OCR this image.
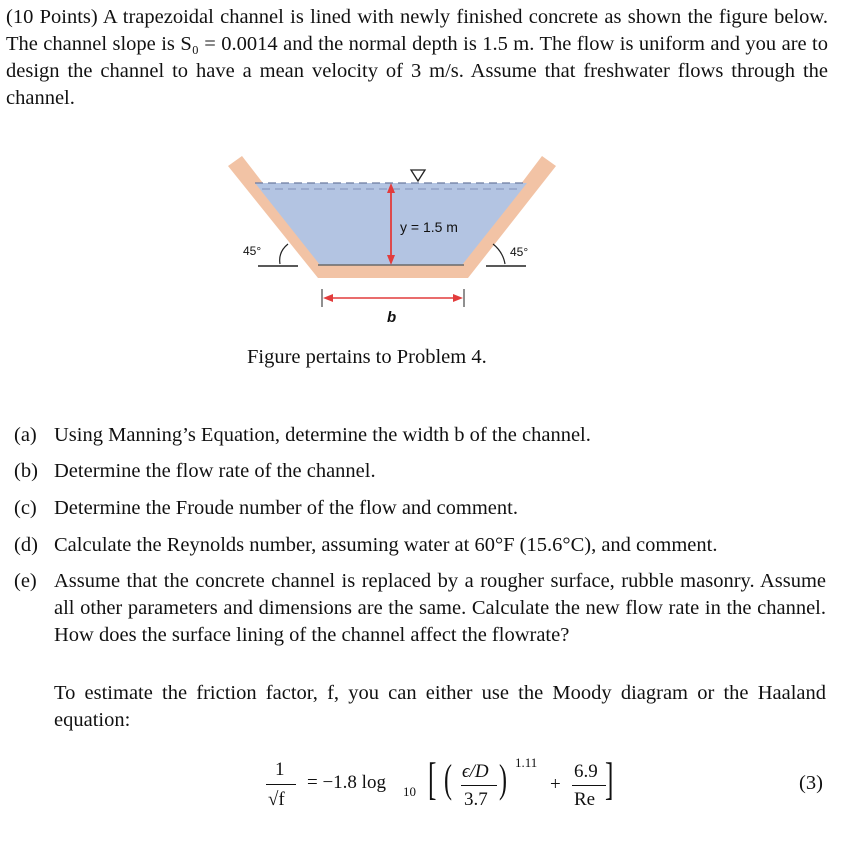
(10 Points) A trapezoidal channel is lined with newly finished concrete as shown the figure below. The channel slope is S₀ = 0.0014 and the normal depth is 1.5 m. The flow is uniform and you are to design the channel to have a mean velocity of 3 m/s. Assume that freshwater flows through the channel.

y = 1.5 m
45°	45°
b
Figure pertains to Problem 4.
(a) Using Manning’s Equation, determine the width b of the channel.
(b) Determine the flow rate of the channel.
(c) Determine the Froude number of the flow and comment.
(d) Calculate the Reynolds number, assuming water at 60°F (15.6°C), and comment.
(e) Assume that the concrete channel is replaced by a rougher surface, rubble masonry. Assume all other parameters and dimensions are the same. Calculate the new flow rate in the channel. How does the surface lining of the channel affect the flowrate?
To estimate the friction factor, f, you can either use the Moody diagram or the Haaland equation:
1
√f
= −1.8 log 10 [ ( ϵ/D
3.7 ) 1.11
+
6.9
Re ]	(3)
